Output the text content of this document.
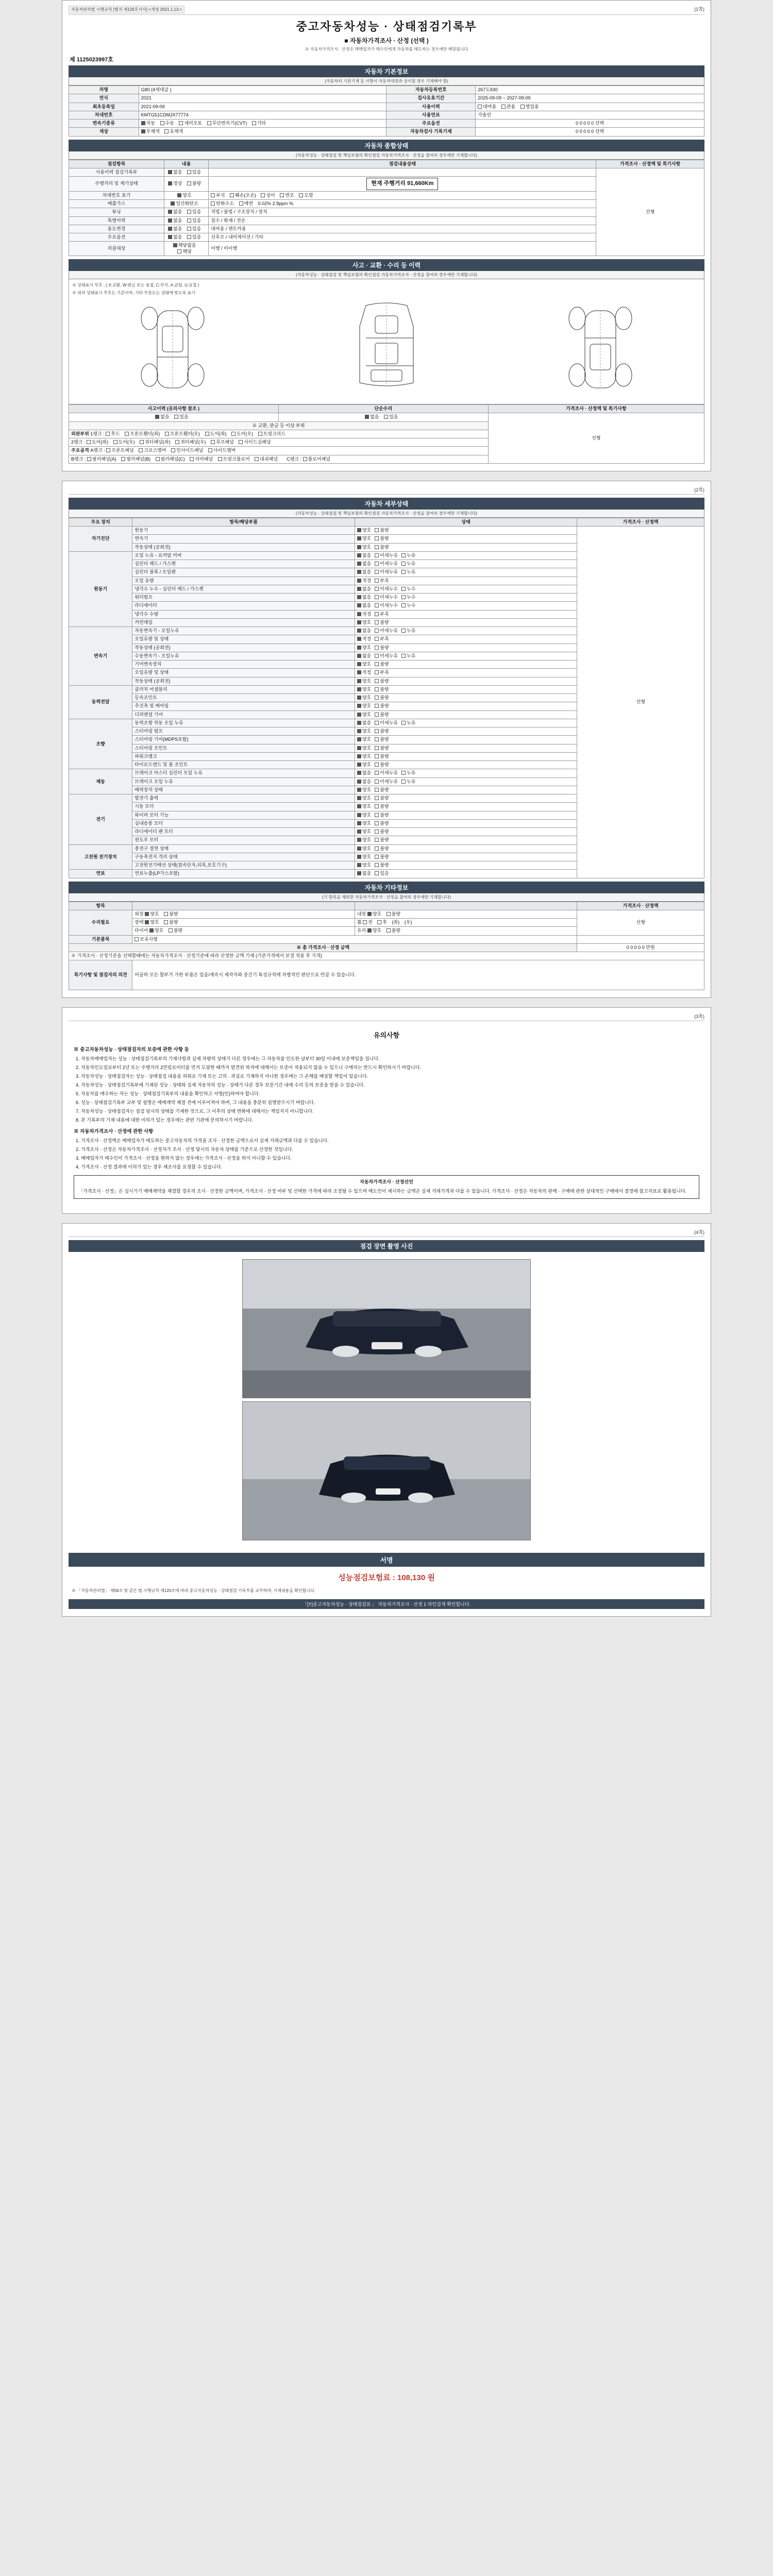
자동차관리법 시행규칙 [별지 제120호서식] <개정 2021.1.13.>	(1쪽)
중고자동차성능 · 상태점검기록부
■ 자동차가격조사 · 산정 (선택 )
※ 자동차가격조사 · 산정은 매매업자가 매수인에게 자동차를 매도하는 경우에만 해당됩니다
제 1125023997호
자동차 기본정보
(자동차의 기본기재 등 사항이 자동차대장과 상이할 경우 기재해야 함)
차명	G80 (4세대급 )	자동차등록번호	267도930
연식	2021	검사유효기간	2025-09-09 ~ 2027-09-09
최초등록일	2021-09-09	사용이력	대여용 관용 영업용
차대번호	KMTG51CDMJX77774	사용연료	가솔린
변속기종류	자동 수동 세미오토 무단변속기(CVT) 기타	주요옵션	0 0 0 0 0 선택
색상	무채색 유채색	자동차검사 기록기재	0 0 0 0 0 선택
자동차 종합상태
(자동차성능 · 상태점검 및 책임보험의 확인점검 자동차가격조사 · 산정을 참여의 경우에만 기재합니다)
점검항목	내용	점검내용상태	가격조사 · 산정액 및 특기사항
사용이력 점검기록부	없음 있음		선형
주행거리 및 계기상태	정상 불량	현재 주행거리 91,660Km	
차대번호 표기	양호	부식 훼손(오손) 상이 변조 도말	
배출가스	일산화탄소	탄화수소 매연 0.02% 2.9ppm %	
튜닝	없음 있음	적법 / 불법 / 구조장치 / 장치	
특별이력	없음 있음	침수 / 화재 / 전손	
용도변경	없음 있음	대여용 / 렌트카용	
주요옵션	없음 있음	선루프 / 내비게이션 / 기타	
리콜대상	해당없음 해당	이행 / 미이행	
사고 · 교환 · 수리 등 이력
(자동차성능 · 상태점검 및 책임보험의 확인점검 자동차가격조사 · 산정을 참여의 경우에만 기재합니다)
※ 상태표시 부호 : ( X:교환, W:판금 또는 용접, C:부식, A:긁힘, U:요철 )
※ 위의 상태표시 부호는 기준이며, 기타 부분도는 상태에 맞도록 표기
사고이력 (유의사항 참조 )	단순수리	가격조사 · 산정액 및 특기사항
없음 있음	없음 있음	선형
※ 교환, 판금 등 이상 부위		
외판부위 1랭크 : 후드 프론트휀더(좌) 프론트휀더(우) 도어(좌) 도어(우) 트렁크리드		
2랭크 : 도어(좌) 도어(우) 쿼터패널(좌) 쿼터패널(우) 루프패널 사이드실패널		
주요골격 A랭크 : 프론트패널 크로스멤버 인사이드패널 사이드멤버		
B랭크 : 필러패널(A) 필러패널(B) 필러패널(C) 리어패널 트렁크플로어 대쉬패널 C랭크 : 플로어패널		
(2쪽)
자동차 세부상태
(자동차성능 · 상태점검 및 책임보험의 확인점검 자동차가격조사 · 산정을 참여의 경우에만 기재합니다)
주요 장치	항목/해당부품	상태	가격조사 · 산정액
자기진단	원동기	양호 불량	선형
	변속기	양호 불량	
	작동상태 (공회전)	양호 불량	
원동기	오일 누유 - 로커암 커버	없음 미세누유 누유	
	실린더 헤드 / 가스켓	없음 미세누유 누유	
	실린더 블록 / 오일팬	없음 미세누유 누유	
	오일 유량	적정 부족	
	냉각수 누수 - 실린더 헤드 / 가스켓	없음 미세누수 누수	
	워터펌프	없음 미세누수 누수	
	라디에이터	없음 미세누수 누수	
	냉각수 수량	적정 부족	
	커먼레일	양호 불량	
변속기	자동변속기 - 오일누유	없음 미세누유 누유	
	오일유량 및 상태	적정 부족	
	작동상태 (공회전)	양호 불량	
	수동변속기 - 오일누유	없음 미세누유 누유	
	기어변속장치	양호 불량	
	오일유량 및 상태	적정 부족	
	작동상태 (공회전)	양호 불량	
동력전달	클러치 어셈블리	양호 불량	
	등속조인트	양호 불량	
	추진축 및 베어링	양호 불량	
	디퍼렌셜 기어	양호 불량	
조향	동력조향 작동 오일 누유	없음 미세누유 누유	
	스티어링 펌프	양호 불량	
	스티어링 기어(MDPS포함)	양호 불량	
	스티어링 조인트	양호 불량	
	파워크랭크	양호 불량	
	타이로드엔드 및 볼 조인트	양호 불량	
제동	브레이크 마스터 실린더 오일 누유	없음 미세누유 누유	
	브레이크 오일 누유	없음 미세누유 누유	
	배력장치 상태	양호 불량	
전기	발전기 출력	양호 불량	
	시동 모터	양호 불량	
	와이퍼 모터 기능	양호 불량	
	실내송풍 모터	양호 불량	
	라디에이터 팬 모터	양호 불량	
	윈도우 모터	양호 불량	
고전원 전기장치	충전구 절연 상태	양호 불량	
	구동축전지 격리 상태	양호 불량	
	고전원전기배선 상태(접속단자,피복,보호기구)	양호 불량	
연료	연료누출(LP가스포함)	없음 있음	
자동차 기타정보
(기 항목을 제외한 자동차가격조사 · 산정을 참여의 경우에만 기재합니다)
항목			가격조사 · 산정액
수리필요	외장 양호 불량	내장 양호 불량	선형
	광택 양호 불량	휠 전 후 (좌) (우)	
	타이어 양호 불량	유리 양호 불량	
기본품목	보유사항		
※ 총 가격조사 · 산정 금액			0 0 0 0 0 만원
※ 가격조사 · 산정기준을 선택할때에는 자동차가격조사 · 산정기준에 따라 산정한 금액 기재 (기준가격에서 보정 적용 후 가격)			

특기사항 및 점검자의 의견	비골하 모든 할부가 가한 부품은 있음/계속시 제작자와 중간기 특성규칙에 차별적인 판단으로 만큼 수 있습니다.		
(3쪽)
유의사항
※ 중고자동차성능 · 상태점검자의 보증에 관한 사항 등
1. 자동차매매업자는 성능 · 상태점검기록부의 기재사항과 실제 차량의 상태가 다른 경우에는 그 자동차를 인도한 날부터 30일 이내에 보증책임을 집니다.
2. 자동차인도일로부터 2년 또는 주행거리 2만킬로미터를 먼저 도달한 때까지 발견된 하자에 대해서는 보증이 적용되지 않을 수 있으니 구매자는 반드시 확인하시기 바랍니다.
3. 자동차성능 · 상태점검자는 성능 · 상태점검 내용을 허위로 기재 또는 고의 · 과실로 기재하지 아니한 경우에는 그 손해를 배상할 책임이 있습니다.
4. 자동차성능 · 상태점검기록부에 기재된 성능 · 상태와 실제 자동차의 성능 · 상태가 다른 경우 보증기간 내에 수리 등의 보증을 받을 수 있습니다.
5. 자동차를 매수하는 자는 성능 · 상태점검기록부의 내용을 확인하고 서명(인)하여야 합니다.
6. 성능 · 상태점검기록부 교부 및 설명은 매매계약 체결 전에 이루어져야 하며, 그 내용을 충분히 설명받으시기 바랍니다.
7. 자동차성능 · 상태점검자는 점검 당시의 상태를 기재한 것으로, 그 이후의 상태 변화에 대해서는 책임지지 아니합니다.
8. 본 기록부의 기재 내용에 대한 이의가 있는 경우에는 관련 기관에 문의하시기 바랍니다.
※ 자동차가격조사 · 산정에 관한 사항
1. 가격조사 · 산정액은 매매업자가 매도하는 중고자동차의 가격을 조사 · 산정한 금액으로서 실제 거래금액과 다를 수 있습니다.
2. 가격조사 · 산정은 자동차가격조사 · 산정자가 조사 · 산정 당시의 자동차 상태를 기준으로 산정한 것입니다.
3. 매매업자가 매수인이 가격조사 · 산정을 원하지 않는 경우에는 가격조사 · 산정을 하지 아니할 수 있습니다.
4. 가격조사 · 산정 결과에 이의가 있는 경우 재조사를 요청할 수 있습니다.
자동차가격조사 · 산정선언
「가격조사 · 산정」은 실시기기 매매계약을 체결할 경우의 조사 · 산정한 금액이며, 가격조사 · 산정 여부 및 선택한 가격에 따라 조정될 수 있으며 매도인이 제시하는 금액은 실제 거래가격과 다를 수 있습니다. 가격조사 · 산정은 자동차의 판매 · 구매에 관한 상대적인 구매에서 결정에 참고자료로 활용됩니다.
(4쪽)
점검 장면 촬영 사진
서명
성능점검보험료 : 108,130 원
※ 「자동차관리법」 제58조 및 같은 법 시행규칙 제120조에 따라 중고자동차성능 · 상태점검 기록부를 교부하며, 기재내용을 확인합니다.
「[Y]중고자동차성능 · 상태점검표 」 자동차가격조사 · 산정 1 라인검색 확인합니다.
